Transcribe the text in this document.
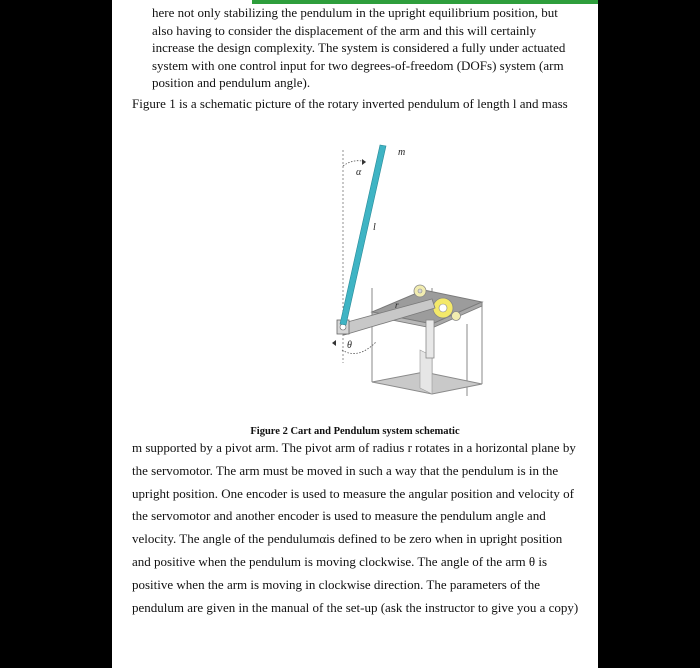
here not only stabilizing the pendulum in the upright equilibrium position, but
also having to consider the displacement of the arm and this will certainly
increase the design complexity. The system is considered a fully under actuated
system with one control input for two degrees-of-freedom (DOFs) system (arm
position and pendulum angle).
Figure 1 is a schematic picture of the rotary inverted pendulum of length l and mass
m
α
l
r
θ
Figure 2 Cart and Pendulum system schematic

m supported by a pivot arm. The pivot arm of radius r rotates in a horizontal plane by

the servomotor. The arm must be moved in such a way that the pendulum is in the

upright position. One encoder is used to measure the angular position and velocity of

the servomotor and another encoder is used to measure the pendulum angle and

velocity. The angle of the pendulumαis defined to be zero when in upright position

and positive when the pendulum is moving clockwise. The angle of the arm θ is

positive when the arm is moving in clockwise direction. The parameters of the

pendulum are given in the manual of the set-up (ask the instructor to give you a copy)
